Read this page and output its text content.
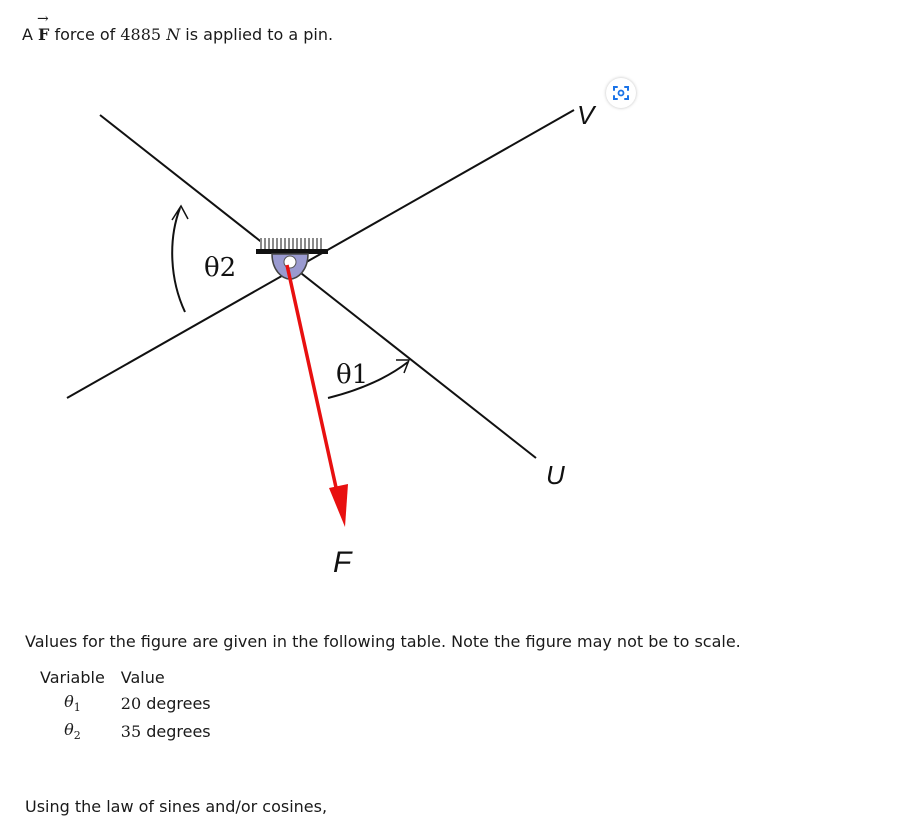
A
→
F force of 4885 N is applied to a pin.
V
U
F
θ1
θ2
Values for the figure are given in the following table. Note the figure may not be to scale.
Variable	Value
$\theta_1$	20 degrees
$\theta_2$	35 degrees
Using the law of sines and/or cosines,
